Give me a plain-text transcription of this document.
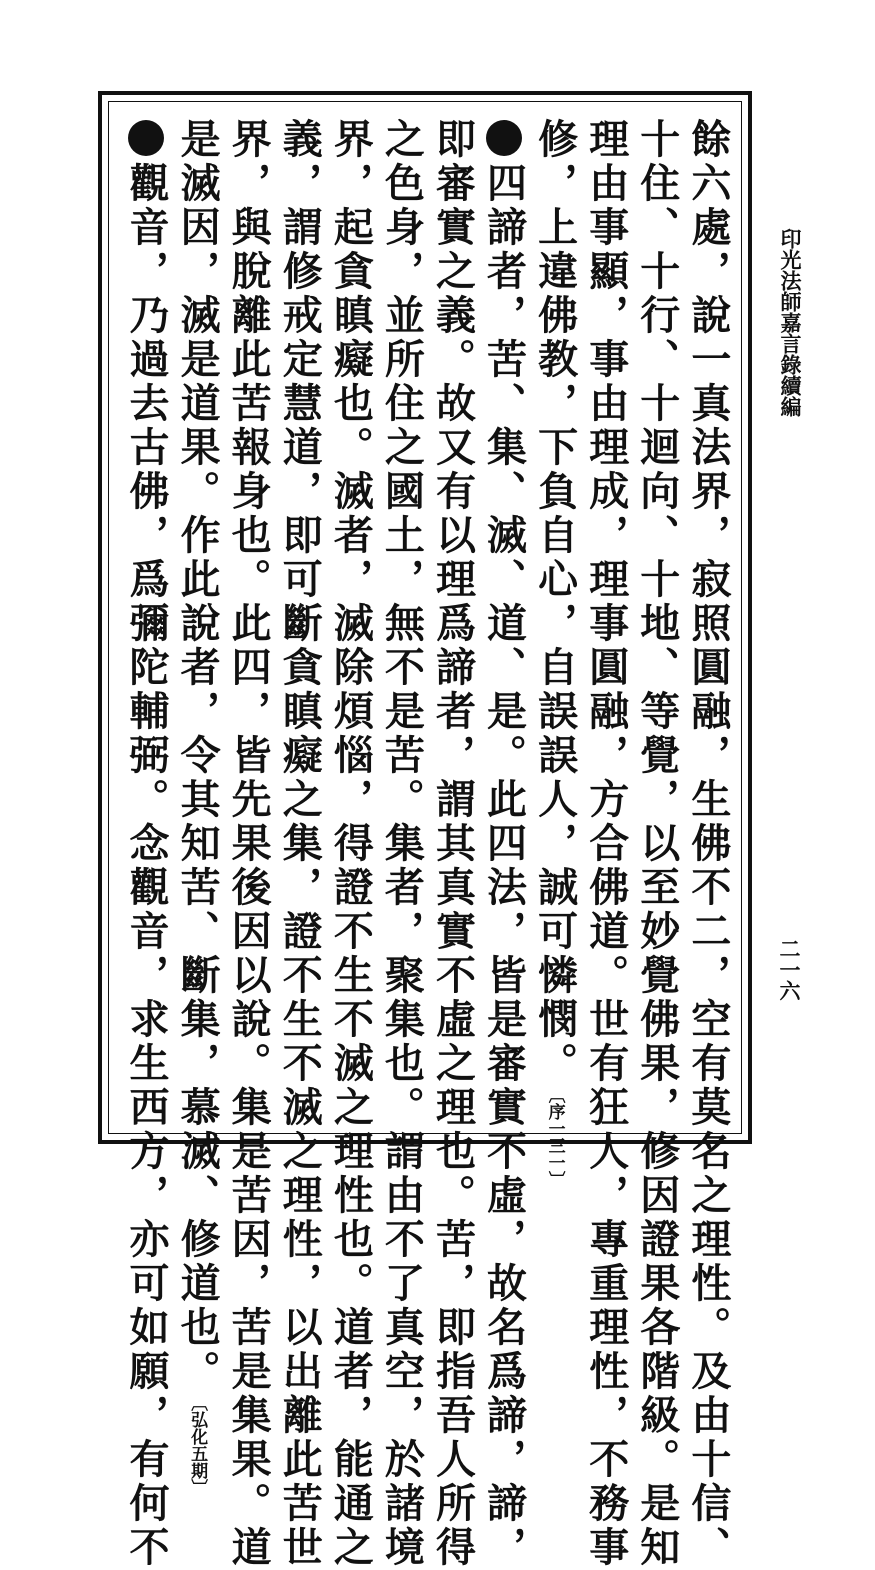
印光法師嘉言錄續編
二一六
餘六處，說一真法界，寂照圓融，生佛不二，空有莫名之理性。及由十信、
十住、十行、十迴向、十地、等覺，以至妙覺佛果，修因證果各階級。是知
理由事顯，事由理成，理事圓融，方合佛道。世有狂人，專重理性，不務事
修，上違佛教，下負自心，自誤誤人，誠可憐憫。〔序一三一〕
四諦者，苦、集、滅、道、是。此四法，皆是審實不虛，故名爲諦，諦，
即審實之義。故又有以理爲諦者，謂其真實不虛之理也。苦，即指吾人所得
之色身，並所住之國土，無不是苦。集者，聚集也。謂由不了真空，於諸境
界，起貪瞋癡也。滅者，滅除煩惱，得證不生不滅之理性也。道者，能通之
義，謂修戒定慧道，即可斷貪瞋癡之集，證不生不滅之理性，以出離此苦世
界，與脫離此苦報身也。此四，皆先果後因以說。集是苦因，苦是集果。道
是滅因，滅是道果。作此說者，令其知苦、斷集，慕滅、修道也。〔弘化五期〕
觀音，乃過去古佛，爲彌陀輔弼。念觀音，求生西方，亦可如願，有何不
